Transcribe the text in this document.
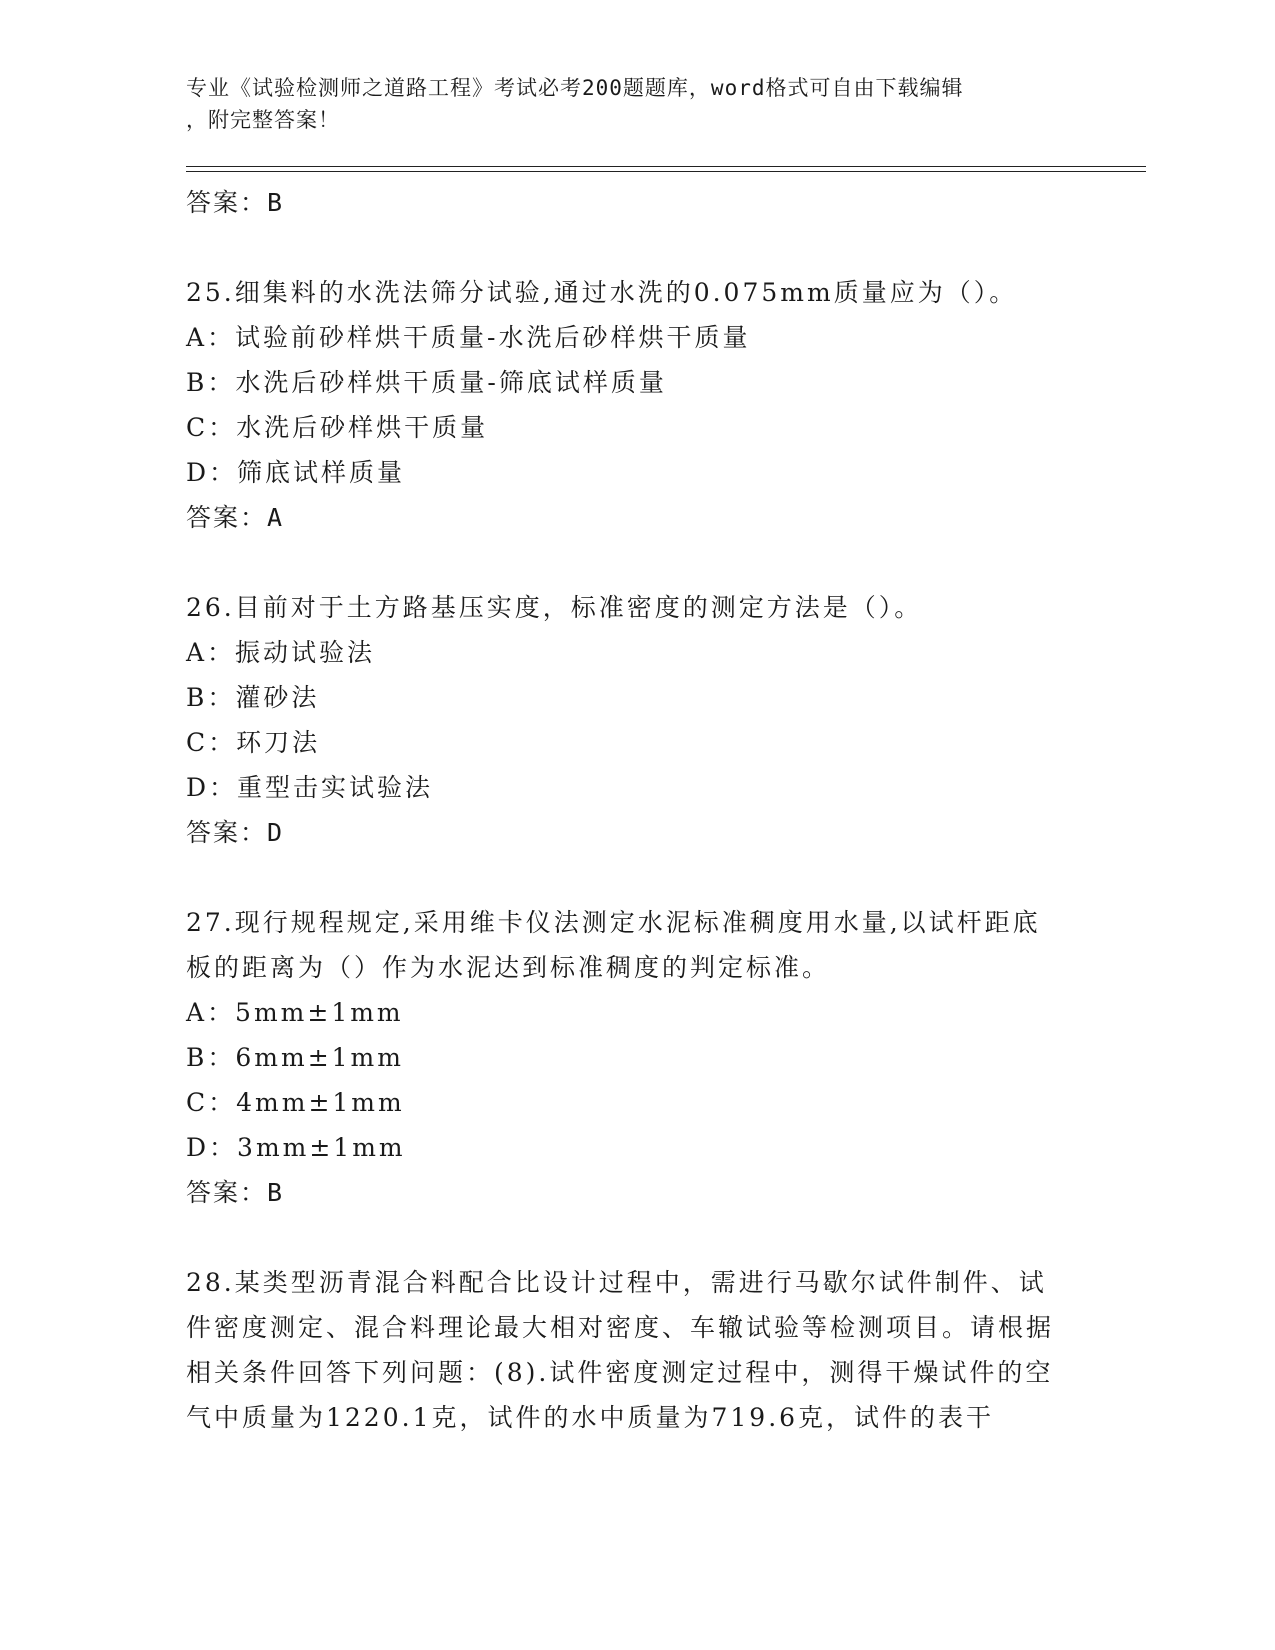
专业《试验检测师之道路工程》考试必考200题题库，word格式可自由下载编辑
，附完整答案！
答案：B
25.细集料的水洗法筛分试验,通过水洗的0.075mm质量应为（）。
A：试验前砂样烘干质量-水洗后砂样烘干质量
B：水洗后砂样烘干质量-筛底试样质量
C：水洗后砂样烘干质量
D：筛底试样质量
答案：A
26.目前对于土方路基压实度，标准密度的测定方法是（）。
A：振动试验法
B：灌砂法
C：环刀法
D：重型击实试验法
答案：D
27.现行规程规定,采用维卡仪法测定水泥标准稠度用水量,以试杆距底板的距离为（）作为水泥达到标准稠度的判定标准。
A：5mm±1mm
B：6mm±1mm
C：4mm±1mm
D：3mm±1mm
答案：B
28.某类型沥青混合料配合比设计过程中，需进行马歇尔试件制件、试件密度测定、混合料理论最大相对密度、车辙试验等检测项目。请根据相关条件回答下列问题：(8).试件密度测定过程中，测得干燥试件的空气中质量为1220.1克，试件的水中质量为719.6克，试件的表干
